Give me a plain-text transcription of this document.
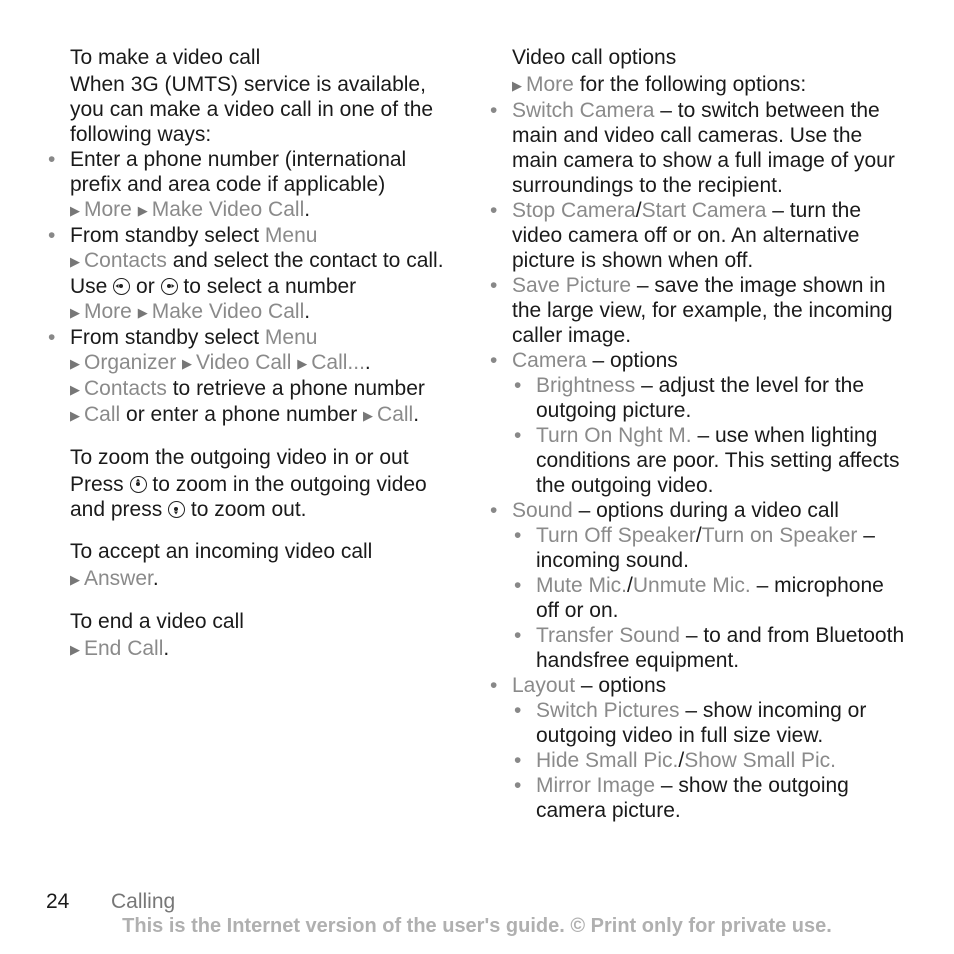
To make a video call

When 3G (UMTS) service is available, you can make a video call in one of the following ways:

• Enter a phone number (international prefix and area code if applicable)
▶ More ▶ Make Video Call.
• From standby select Menu
▶ Contacts and select the contact to call. Use or to select a number
▶ More ▶ Make Video Call.
• From standby select Menu
▶ Organizer ▶ Video Call ▶ Call....
▶ Contacts to retrieve a phone number ▶ Call or enter a phone number ▶ Call.
To zoom the outgoing video in or out

Press to zoom in the outgoing video and press to zoom out.

To accept an incoming video call

▶ Answer.

To end a video call

▶ End Call.

Video call options

▶ More for the following options:

• Switch Camera – to switch between the main and video call cameras. Use the main camera to show a full image of your surroundings to the recipient.
• Stop Camera/Start Camera – turn the video camera off or on. An alternative picture is shown when off.
• Save Picture – save the image shown in the large view, for example, the incoming caller image.
• Camera – options
• Brightness – adjust the level for the outgoing picture.
• Turn On Nght M. – use when lighting conditions are poor. This setting affects the outgoing video.
• Sound – options during a video call
• Turn Off Speaker/Turn on Speaker – incoming sound.
• Mute Mic./Unmute Mic. – microphone off or on.
• Transfer Sound – to and from Bluetooth handsfree equipment.
• Layout – options
• Switch Pictures – show incoming or outgoing video in full size view.
• Hide Small Pic./Show Small Pic.
• Mirror Image – show the outgoing camera picture.
24 Calling
This is the Internet version of the user's guide. © Print only for private use.
